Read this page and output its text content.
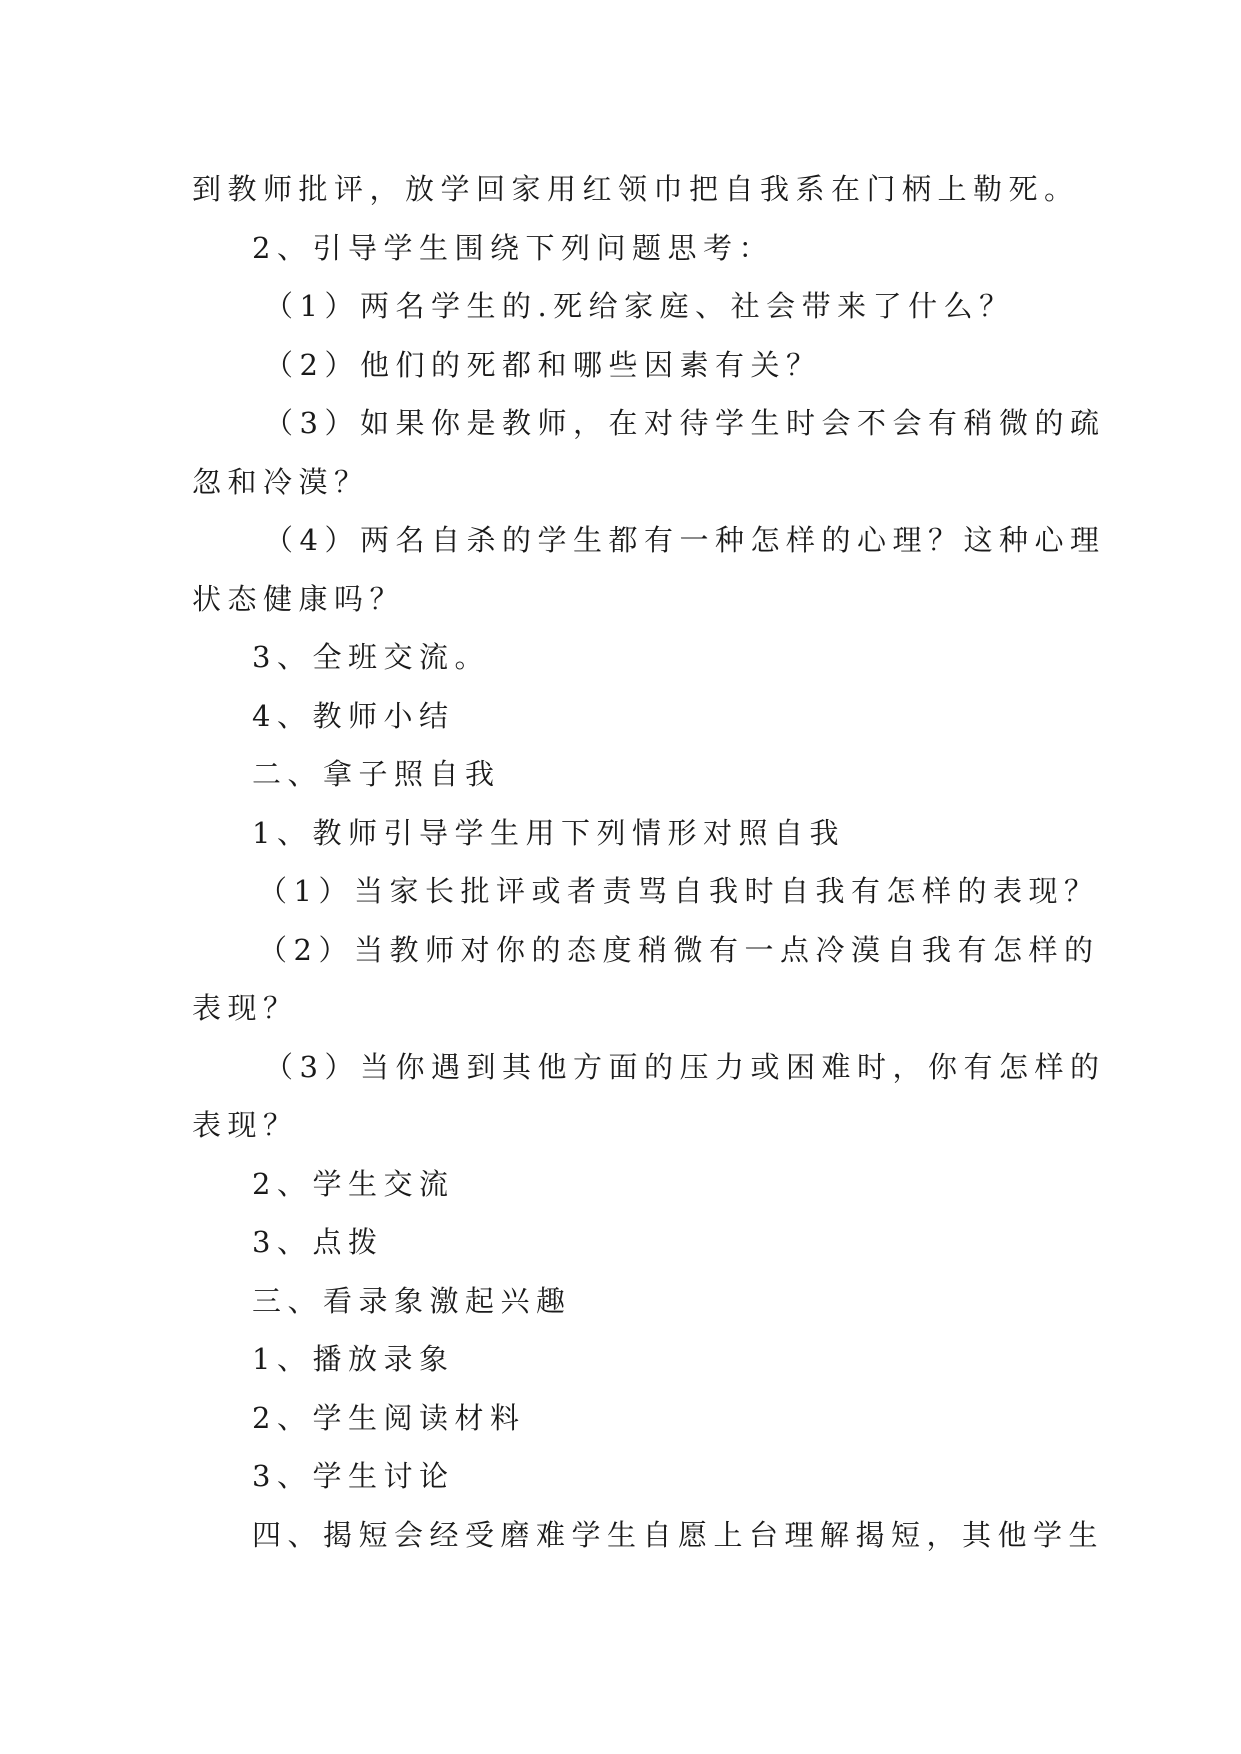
到教师批评，放学回家用红领巾把自我系在门柄上勒死。
2、引导学生围绕下列问题思考：
（1）两名学生的.死给家庭、社会带来了什么？
（2）他们的死都和哪些因素有关？
（3）如果你是教师，在对待学生时会不会有稍微的疏
忽和冷漠？
（4）两名自杀的学生都有一种怎样的心理？这种心理
状态健康吗？
3、全班交流。
4、教师小结
二、拿子照自我
1、教师引导学生用下列情形对照自我
（1）当家长批评或者责骂自我时自我有怎样的表现？
（2）当教师对你的态度稍微有一点冷漠自我有怎样的
表现？
（3）当你遇到其他方面的压力或困难时，你有怎样的
表现？
2、学生交流
3、点拨
三、看录象激起兴趣
1、播放录象
2、学生阅读材料
3、学生讨论
四、揭短会经受磨难学生自愿上台理解揭短，其他学生
